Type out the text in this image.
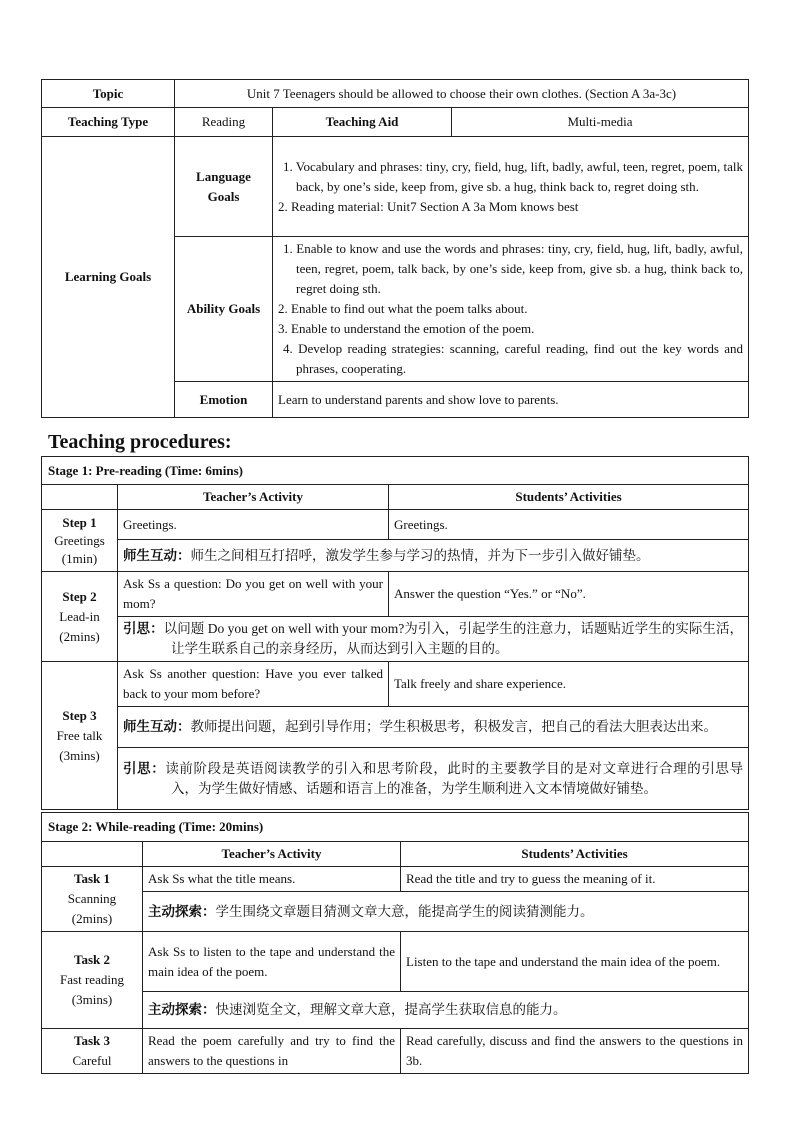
Topic	Unit 7 Teenagers should be allowed to choose their own clothes. (Section A 3a-3c)		
Teaching Type	Reading	Teaching Aid	Multi-media
Learning Goals	Language Goals	1. Vocabulary and phrases: tiny, cry, field, hug, lift, badly, awful, teen, regret, poem, talk back, by one’s side, keep from, give sb. a hug, think back to, regret doing sth.
2. Reading material: Unit7 Section A 3a Mom knows best	

	Ability Goals	1. Enable to know and use the words and phrases: tiny, cry, field, hug, lift, badly, awful, teen, regret, poem, talk back, by one’s side, keep from, give sb. a hug, think back to, regret doing sth.
2. Enable to find out what the poem talks about.
3. Enable to understand the emotion of the poem.
4. Develop reading strategies: scanning, careful reading, find out the key words and phrases, cooperating.	

	Emotion	Learn to understand parents and show love to parents.	
Teaching procedures:
Stage 1: Pre-reading (Time: 6mins)		
	Teacher’s Activity	Students’ Activities

Step 1
Greetings
(1min)	Greetings.	Greetings.
	师生互动：师生之间相互打招呼，激发学生参与学习的热情，并为下一步引入做好铺垫。	

Step 2
Lead-in
(2mins)	Ask Ss a question: Do you get on well with your mom?	Answer the question “Yes.” or “No”.

	引思：以问题 Do you get on well with your mom?为引入，引起学生的注意力，话题贴近学生的实际生活，让学生联系自己的亲身经历，从而达到引入主题的目的。	

Step 3
Free talk
(3mins)	Ask Ss another question: Have you ever talked back to your mom before?	Talk freely and share experience.

	师生互动：教师提出问题，起到引导作用；学生积极思考，积极发言，把自己的看法大胆表达出来。	

	引思：读前阶段是英语阅读教学的引入和思考阶段，此时的主要教学目的是对文章进行合理的引思导入，为学生做好情感、话题和语言上的准备，为学生顺利进入文本情境做好铺垫。	
Stage 2: While-reading (Time: 20mins)		
	Teacher’s Activity	Students’ Activities

Task 1
Scanning
(2mins)	Ask Ss what the title means.	Read the title and try to guess the meaning of it.
	主动探索：学生围绕文章题目猜测文章大意，能提高学生的阅读猜测能力。	

Task 2
Fast reading
(3mins)	Ask Ss to listen to the tape and understand the main idea of the poem.	Listen to the tape and understand the main idea of the poem.
	主动探索：快速浏览全文，理解文章大意，提高学生获取信息的能力。	

Task 3
Careful	Read the poem carefully and try to find the answers to the questions in	Read carefully, discuss and find the answers to the questions in 3b.
